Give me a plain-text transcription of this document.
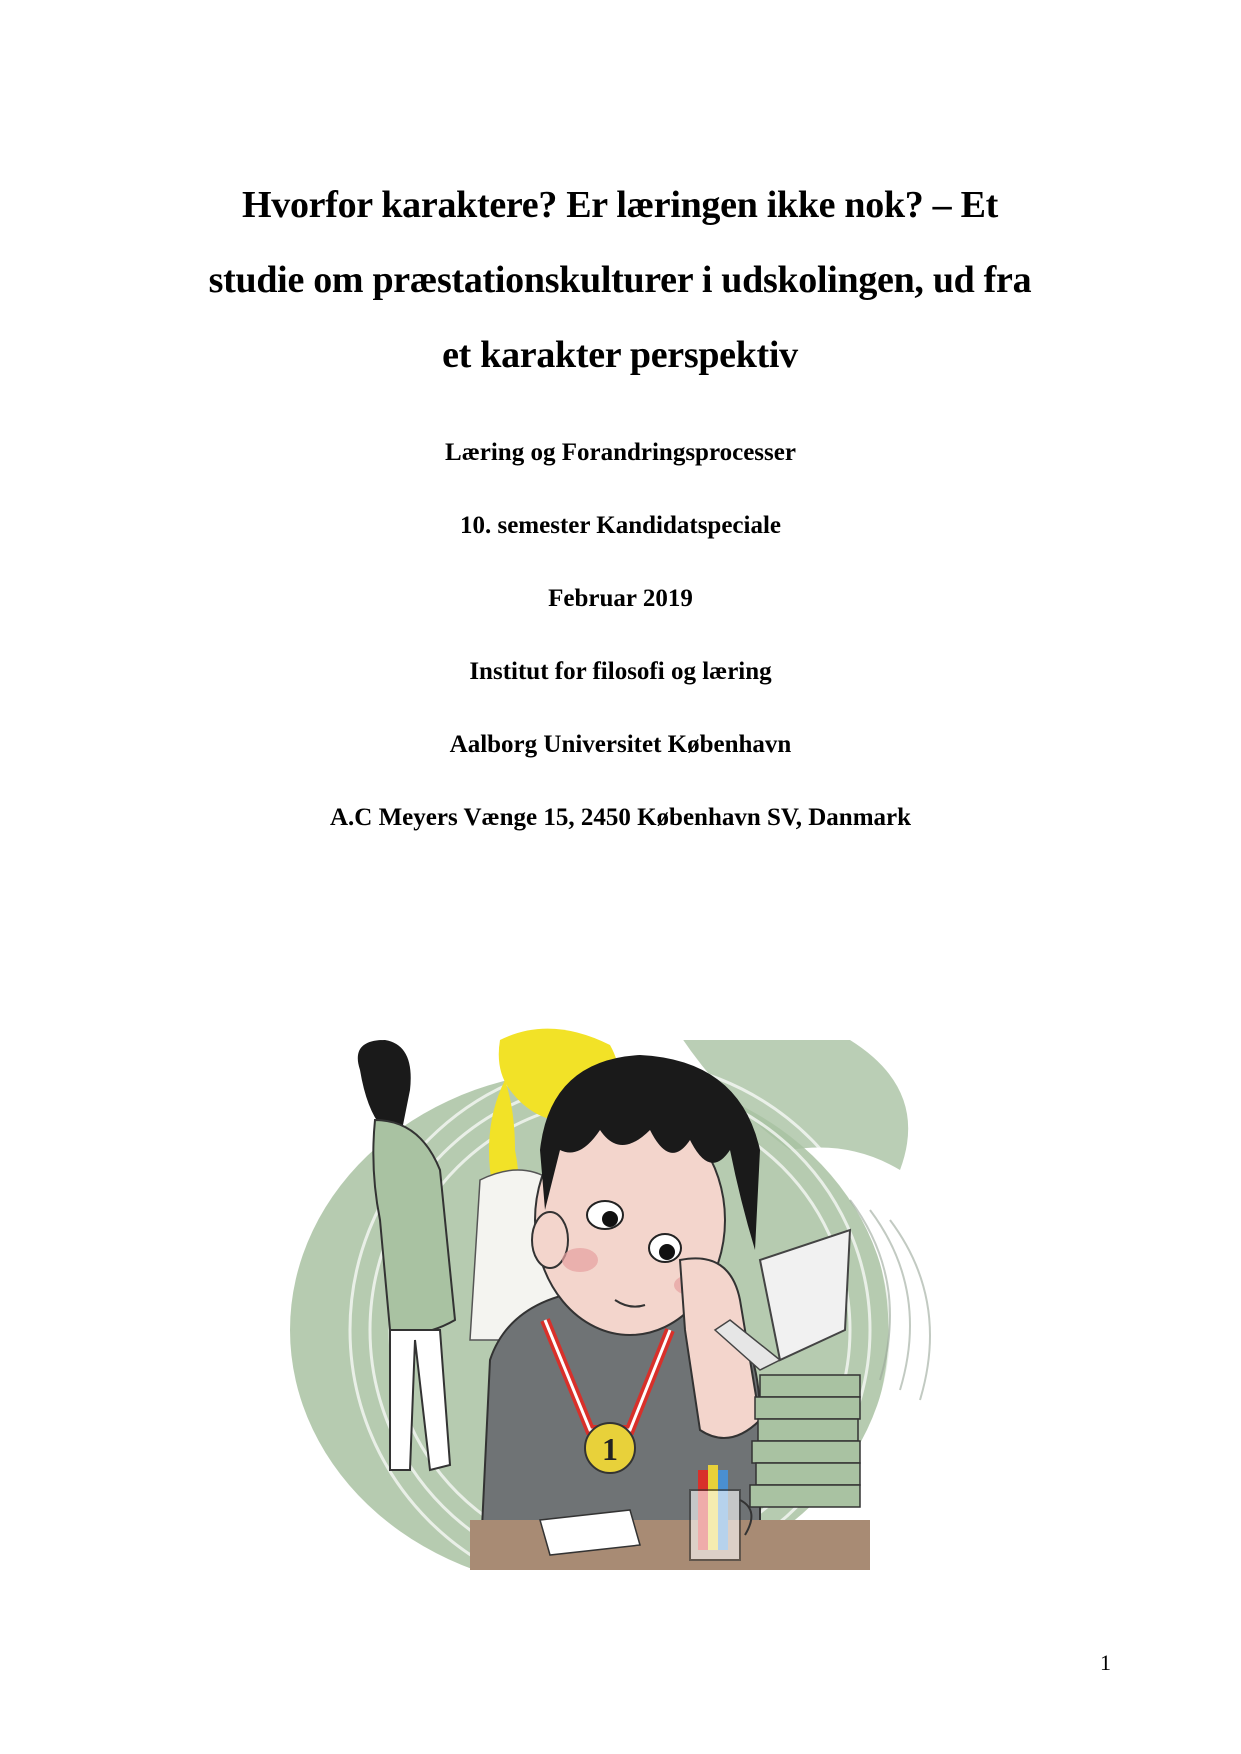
Hvorfor karaktere? Er læringen ikke nok? – Et
studie om præstationskulturer i udskolingen, ud fra
et karakter perspektiv
Læring og Forandringsprocesser
10. semester Kandidatspeciale
Februar 2019
Institut for filosofi og læring
Aalborg Universitet København
A.C Meyers Vænge 15, 2450 København SV, Danmark
1
1
